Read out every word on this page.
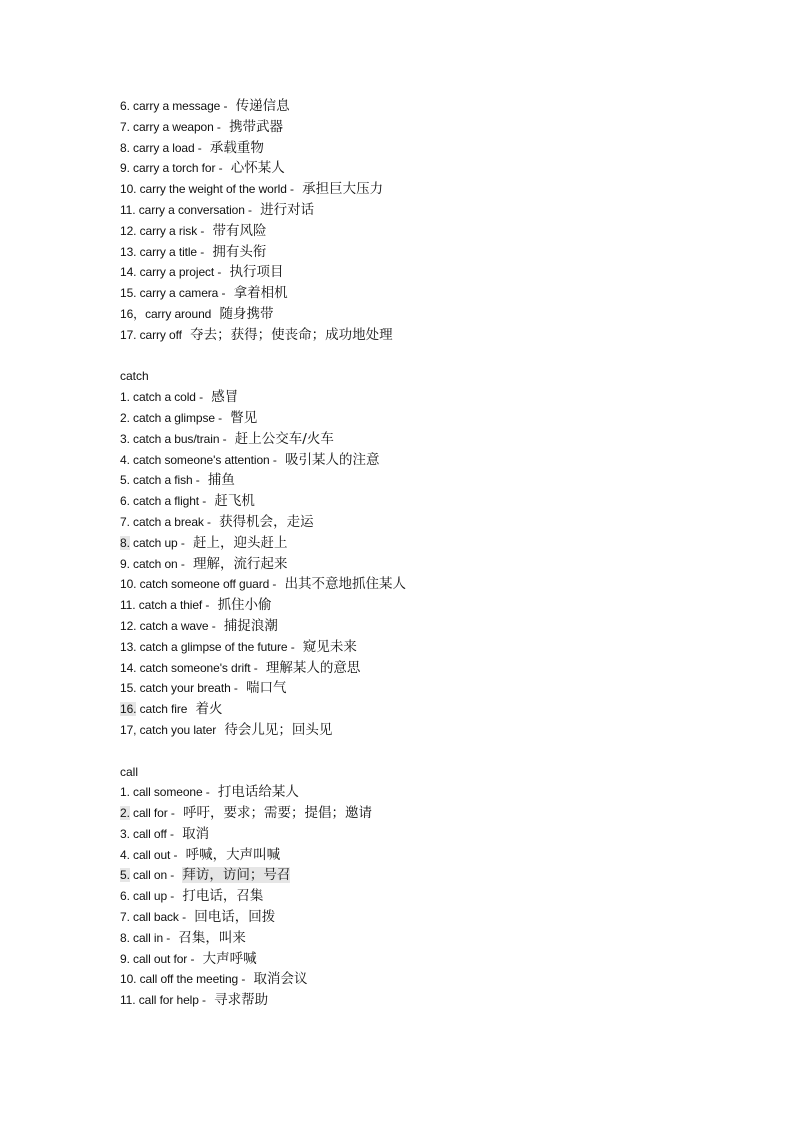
6. carry a message - 传递信息
7. carry a weapon - 携带武器
8. carry a load - 承载重物
9. carry a torch for - 心怀某人
10. carry the weight of the world - 承担巨大压力
11. carry a conversation - 进行对话
12. carry a risk - 带有风险
13. carry a title - 拥有头衔
14. carry a project - 执行项目
15. carry a camera - 拿着相机
16，carry around 随身携带
17. carry off 夺去；获得；使丧命；成功地处理
catch
1. catch a cold - 感冒
2. catch a glimpse - 瞥见
3. catch a bus/train - 赶上公交车/火车
4. catch someone's attention - 吸引某人的注意
5. catch a fish - 捕鱼
6. catch a flight - 赶飞机
7. catch a break - 获得机会，走运
8. catch up - 赶上，迎头赶上
9. catch on - 理解，流行起来
10. catch someone off guard - 出其不意地抓住某人
11. catch a thief - 抓住小偷
12. catch a wave - 捕捉浪潮
13. catch a glimpse of the future - 窥见未来
14. catch someone's drift - 理解某人的意思
15. catch your breath - 喘口气
16. catch fire 着火
17, catch you later 待会儿见；回头见
call
1. call someone - 打电话给某人
2. call for - 呼吁，要求；需要；提倡；邀请
3. call off - 取消
4. call out - 呼喊，大声叫喊
5. call on - 拜访，访问；号召
6. call up - 打电话，召集
7. call back - 回电话，回拨
8. call in - 召集，叫来
9. call out for - 大声呼喊
10. call off the meeting - 取消会议
11. call for help - 寻求帮助
